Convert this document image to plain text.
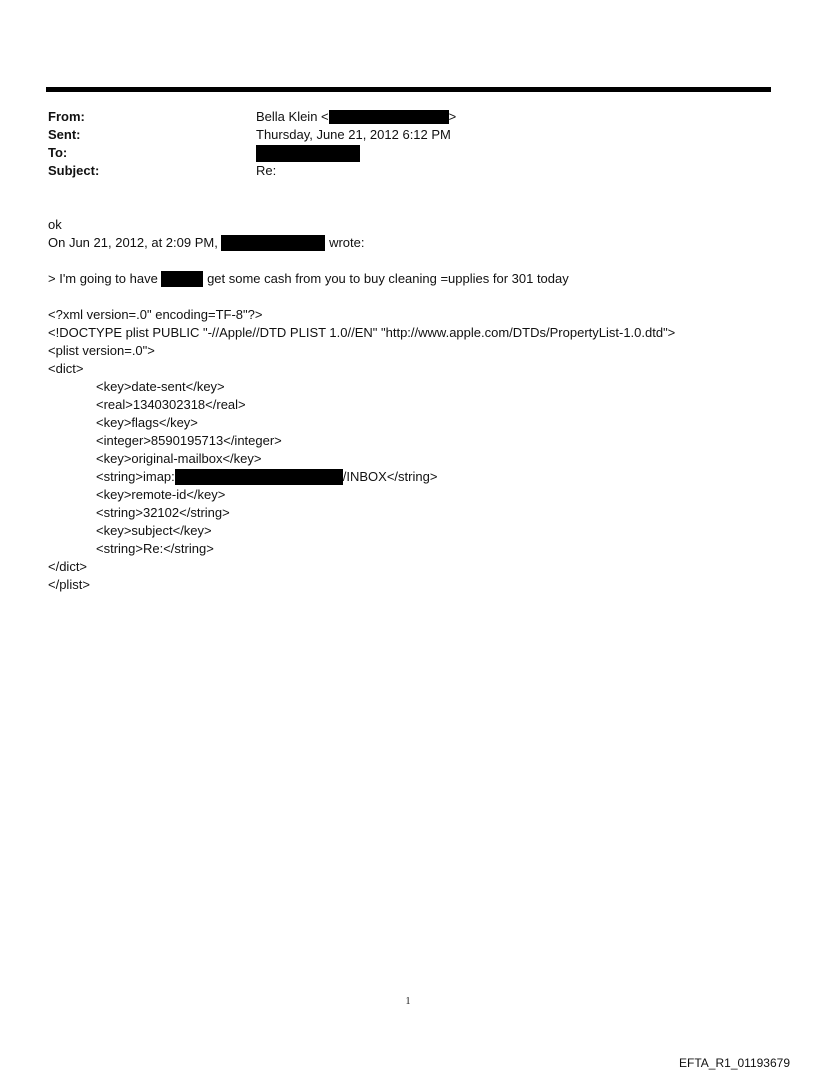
From:	Bella Klein <	>
Sent:	Thursday, June 21, 2012 6:12 PM
To:
Subject:	Re:
ok
On Jun 21, 2012, at 2:09 PM,	wrote:
> I'm going to have	get some cash from you to buy cleaning =upplies for 301 today
<?xml version=.0" encoding=TF-8"?>
<!DOCTYPE plist PUBLIC "-//Apple//DTD PLIST 1.0//EN" "http://www.apple.com/DTDs/PropertyList-1.0.dtd">
<plist version=.0">
<dict>
<key>date-sent</key>
<real>1340302318</real>
<key>flags</key>
<integer>8590195713</integer>
<key>original-mailbox</key>
<string>imap:	/INBOX</string>
<key>remote-id</key>
<string>32102</string>
<key>subject</key>
<string>Re:</string>
</dict>
</plist>
1
EFTA_R1_01193679
